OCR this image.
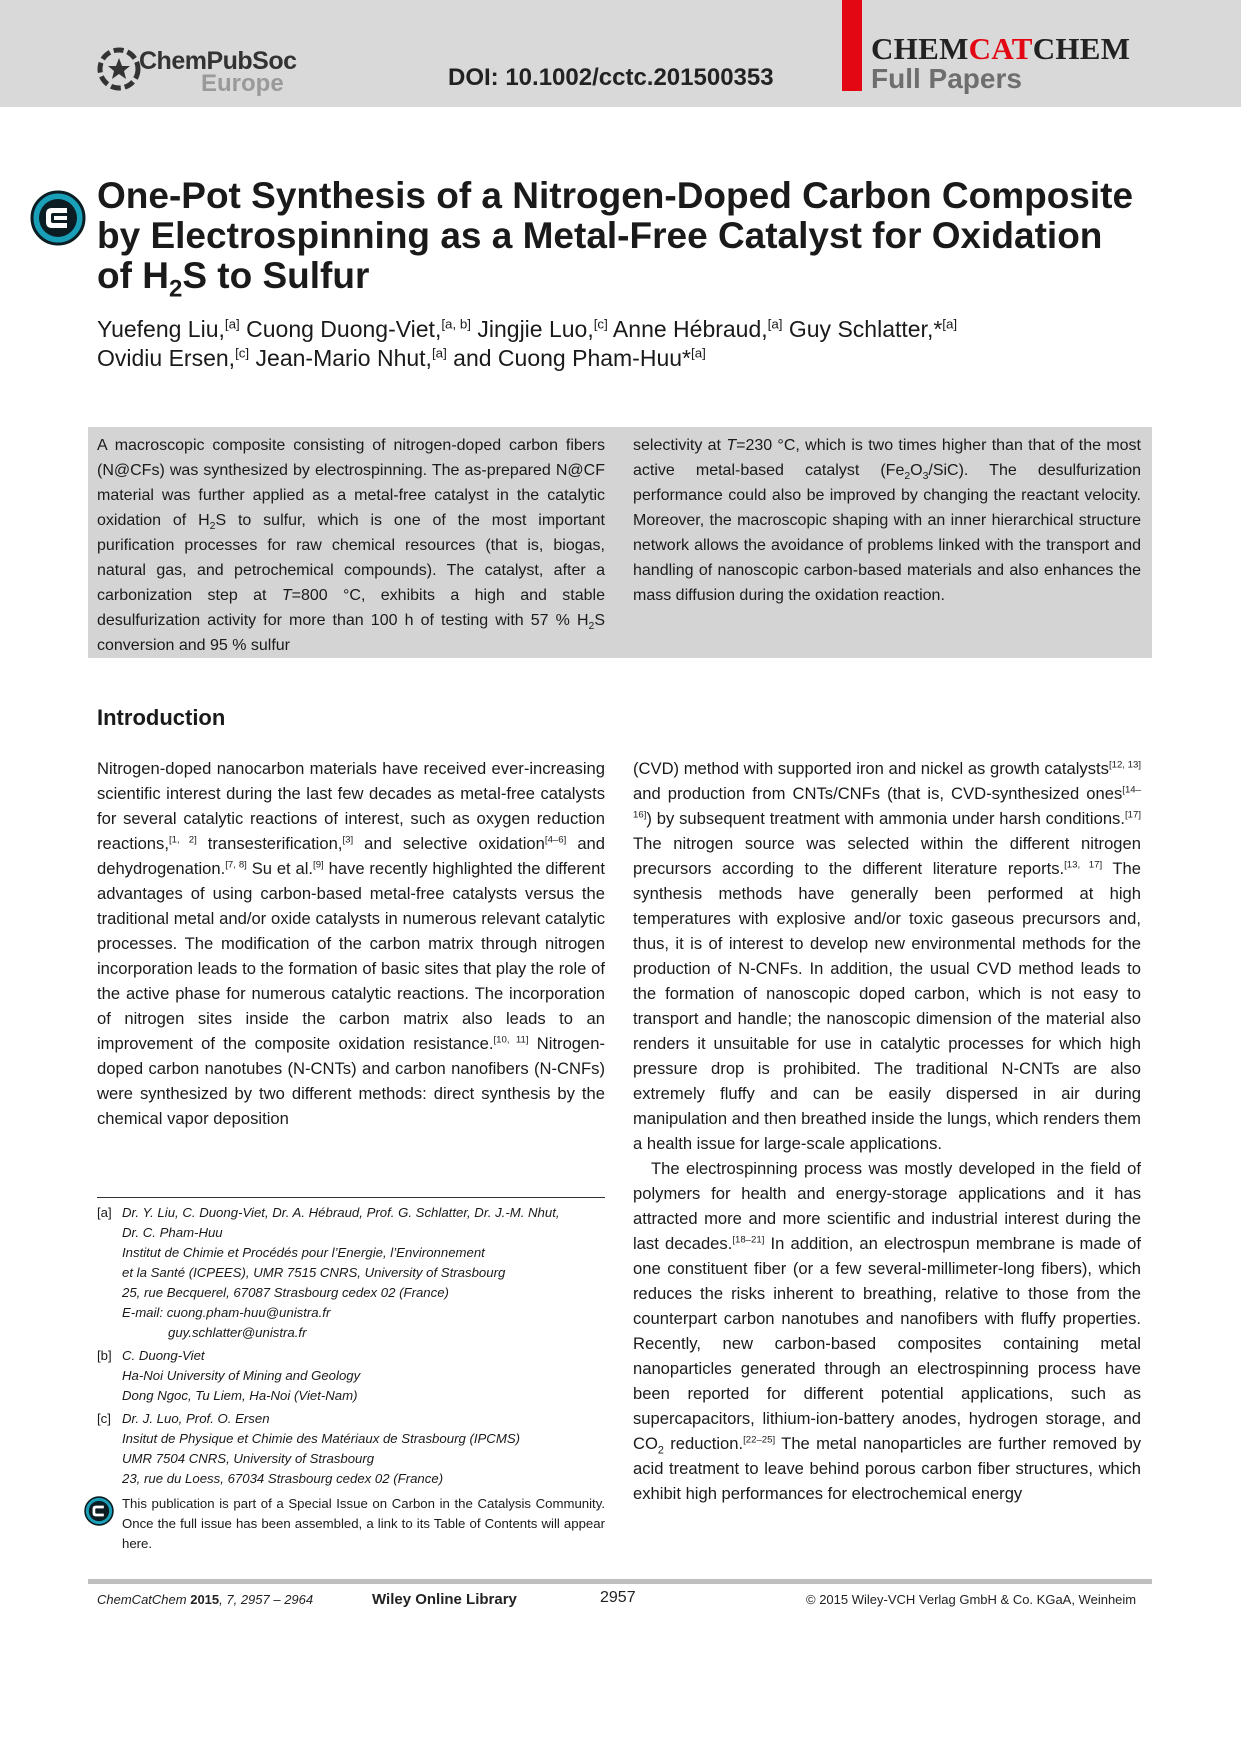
ChemPubSoc
Europe	DOI: 10.1002/cctc.201500353
CHEMCATCHEM
Full Papers
One-Pot Synthesis of a Nitrogen-Doped Carbon Composite
by Electrospinning as a Metal-Free Catalyst for Oxidation
of $H_2S$ to Sulfur
Yuefeng Liu,[a] Cuong Duong-Viet,[a, b] Jingjie Luo,[c] Anne Hébraud,[a] Guy Schlatter,*[a]
Ovidiu Ersen,[c] Jean-Mario Nhut,[a] and Cuong Pham-Huu*[a]
A macroscopic composite consisting of nitrogen-doped carbon fibers (N@CFs) was synthesized by electrospinning. The as-prepared N@CF material was further applied as a metal-free catalyst in the catalytic oxidation of $H_2S$ to sulfur, which is one of the most important purification processes for raw chemical resources (that is, biogas, natural gas, and petrochemical compounds). The catalyst, after a carbonization step at T=800 °C, exhibits a high and stable desulfurization activity for more than 100 h of testing with 57 % $H_2S$ conversion and 95 % sulfur
selectivity at T=230 °C, which is two times higher than that of the most active metal-based catalyst $(Fe_2O_3/SiC)$. The desulfurization performance could also be improved by changing the reactant velocity. Moreover, the macroscopic shaping with an inner hierarchical structure network allows the avoidance of problems linked with the transport and handling of nanoscopic carbon-based materials and also enhances the mass diffusion during the oxidation reaction.
Introduction

Nitrogen-doped nanocarbon materials have received ever-increasing scientific interest during the last few decades as metal-free catalysts for several catalytic reactions of interest, such as oxygen reduction reactions,[1, 2] transesterification,[3] and selective oxidation[4–6] and dehydrogenation.[7, 8] Su et al.[9] have recently highlighted the different advantages of using carbon-based metal-free catalysts versus the traditional metal and/or oxide catalysts in numerous relevant catalytic processes. The modification of the carbon matrix through nitrogen incorporation leads to the formation of basic sites that play the role of the active phase for numerous catalytic reactions. The incorporation of nitrogen sites inside the carbon matrix also leads to an improvement of the composite oxidation resistance.[10, 11] Nitrogen-doped carbon nanotubes (N-CNTs) and carbon nanofibers (N-CNFs) were synthesized by two different methods: direct synthesis by the chemical vapor deposition

(CVD) method with supported iron and nickel as growth catalysts[12, 13] and production from CNTs/CNFs (that is, CVD-synthesized ones[14–16]) by subsequent treatment with ammonia under harsh conditions.[17] The nitrogen source was selected within the different nitrogen precursors according to the different literature reports.[13, 17] The synthesis methods have generally been performed at high temperatures with explosive and/or toxic gaseous precursors and, thus, it is of interest to develop new environmental methods for the production of N-CNFs. In addition, the usual CVD method leads to the formation of nanoscopic doped carbon, which is not easy to transport and handle; the nanoscopic dimension of the material also renders it unsuitable for use in catalytic processes for which high pressure drop is prohibited. The traditional N-CNTs are also extremely fluffy and can be easily dispersed in air during manipulation and then breathed inside the lungs, which renders them a health issue for large-scale applications.

The electrospinning process was mostly developed in the field of polymers for health and energy-storage applications and it has attracted more and more scientific and industrial interest during the last decades.[18–21] In addition, an electrospun membrane is made of one constituent fiber (or a few several-millimeter-long fibers), which reduces the risks inherent to breathing, relative to those from the counterpart carbon nanotubes and nanofibers with fluffy properties. Recently, new carbon-based composites containing metal nanoparticles generated through an electrospinning process have been reported for different potential applications, such as supercapacitors, lithium-ion-battery anodes, hydrogen storage, and $CO_2$ reduction.[22–25] The metal nanoparticles are further removed by acid treatment to leave behind porous carbon fiber structures, which exhibit high performances for electrochemical energy

[a] Dr. Y. Liu, C. Duong-Viet, Dr. A. Hébraud, Prof. G. Schlatter, Dr. J.-M. Nhut,
Dr. C. Pham-Huu
Institut de Chimie et Procédés pour l’Energie, l’Environnement
et la Santé (ICPEES), UMR 7515 CNRS, University of Strasbourg
25, rue Becquerel, 67087 Strasbourg cedex 02 (France)
E-mail: cuong.pham-huu@unistra.fr
guy.schlatter@unistra.fr
[b] C. Duong-Viet
Ha-Noi University of Mining and Geology
Dong Ngoc, Tu Liem, Ha-Noi (Viet-Nam)
[c] Dr. J. Luo, Prof. O. Ersen
Insitut de Physique et Chimie des Matériaux de Strasbourg (IPCMS)
UMR 7504 CNRS, University of Strasbourg
23, rue du Loess, 67034 Strasbourg cedex 02 (France)
This publication is part of a Special Issue on Carbon in the Catalysis Community. Once the full issue has been assembled, a link to its Table of Contents will appear here.
ChemCatChem 2015, 7, 2957 – 2964	Wiley Online Library	2957	© 2015 Wiley-VCH Verlag GmbH & Co. KGaA, Weinheim
